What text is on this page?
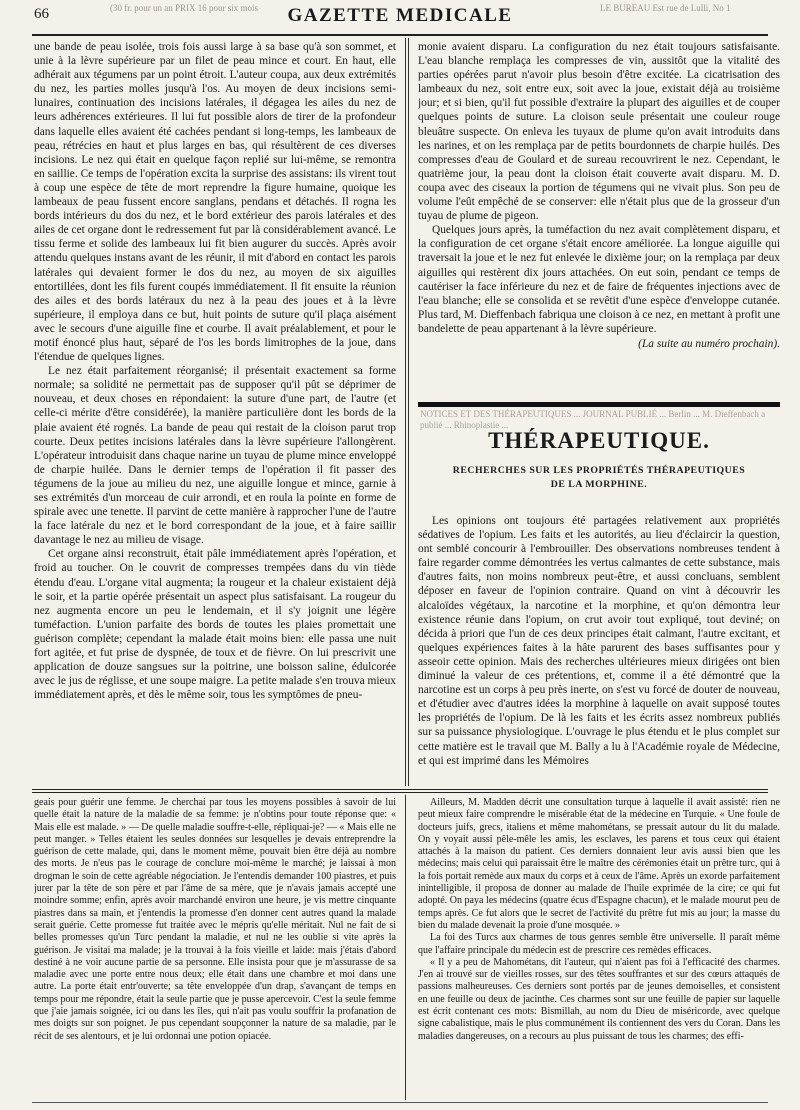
(30 fr. pour un an PRIX 16 pour six mois	LE BUREAU Est rue de Lulli, No 1
66	GAZETTE MEDICALE

une bande de peau isolée, trois fois aussi large à sa base qu'à son sommet, et unie à la lèvre supérieure par un filet de peau mince et court. En haut, elle adhérait aux tégumens par un point étroit. L'auteur coupa, aux deux extrémités du nez, les parties molles jusqu'à l'os. Au moyen de deux incisions semi-lunaires, continuation des incisions latérales, il dégagea les ailes du nez de leurs adhérences extérieures. Il lui fut possible alors de tirer de la profondeur dans laquelle elles avaient été cachées pendant si long-temps, les lambeaux de peau, rétrécies en haut et plus larges en bas, qui résultèrent de ces diverses incisions. Le nez qui était en quelque façon replié sur lui-même, se remontra en saillie. Ce temps de l'opération excita la surprise des assistans: ils virent tout à coup une espèce de tête de mort reprendre la figure humaine, quoique les lambeaux de peau fussent encore sanglans, pendans et détachés. Il rogna les bords intérieurs du dos du nez, et le bord extérieur des parois latérales et des ailes de cet organe dont le redressement fut par là considérablement avancé. Le tissu ferme et solide des lambeaux lui fit bien augurer du succès. Après avoir attendu quelques instans avant de les réunir, il mit d'abord en contact les parois latérales qui devaient former le dos du nez, au moyen de six aiguilles entortillées, dont les fils furent coupés immédiatement. Il fit ensuite la réunion des ailes et des bords latéraux du nez à la peau des joues et à la lèvre supérieure, il employa dans ce but, huit points de suture qu'il plaça aisément avec le secours d'une aiguille fine et courbe. Il avait préalablement, et pour le motif énoncé plus haut, séparé de l'os les bords limitrophes de la joue, dans l'étendue de quelques lignes.

Le nez était parfaitement réorganisé; il présentait exactement sa forme normale; sa solidité ne permettait pas de supposer qu'il pût se déprimer de nouveau, et deux choses en répondaient: la suture d'une part, de l'autre (et celle-ci mérite d'être considérée), la manière particulière dont les bords de la plaie avaient été rognés. La bande de peau qui restait de la cloison parut trop courte. Deux petites incisions latérales dans la lèvre supérieure l'allongèrent. L'opérateur introduisit dans chaque narine un tuyau de plume mince enveloppé de charpie huilée. Dans le dernier temps de l'opération il fit passer des tégumens de la joue au milieu du nez, une aiguille longue et mince, garnie à ses extrémités d'un morceau de cuir arrondi, et en roula la pointe en forme de spirale avec une tenette. Il parvint de cette manière à rapprocher l'une de l'autre la face latérale du nez et le bord correspondant de la joue, et à faire saillir davantage le nez au milieu de visage.

Cet organe ainsi reconstruit, était pâle immédiatement après l'opération, et froid au toucher. On le couvrit de compresses trempées dans du vin tiède étendu d'eau. L'organe vital augmenta; la rougeur et la chaleur existaient déjà le soir, et la partie opérée présentait un aspect plus satisfaisant. La rougeur du nez augmenta encore un peu le lendemain, et il s'y joignit une légère tuméfaction. L'union parfaite des bords de toutes les plaies promettait une guérison complète; cependant la malade était moins bien: elle passa une nuit fort agitée, et fut prise de dyspnée, de toux et de fièvre. On lui prescrivit une application de douze sangsues sur la poitrine, une boisson saline, édulcorée avec le jus de réglisse, et une soupe maigre. La petite malade s'en trouva mieux immédiatement après, et dès le même soir, tous les symptômes de pneu-

monie avaient disparu. La configuration du nez était toujours satisfaisante. L'eau blanche remplaça les compresses de vin, aussitôt que la vitalité des parties opérées parut n'avoir plus besoin d'être excitée. La cicatrisation des lambeaux du nez, soit entre eux, soit avec la joue, existait déjà au troisième jour; et si bien, qu'il fut possible d'extraire la plupart des aiguilles et de couper quelques points de suture. La cloison seule présentait une couleur rouge bleuâtre suspecte. On enleva les tuyaux de plume qu'on avait introduits dans les narines, et on les remplaça par de petits bourdonnets de charpie huilés. Des compresses d'eau de Goulard et de sureau recouvrirent le nez. Cependant, le quatrième jour, la peau dont la cloison était couverte avait disparu. M. D. coupa avec des ciseaux la portion de tégumens qui ne vivait plus. Son peu de volume l'eût empêché de se conserver: elle n'était plus que de la grosseur d'un tuyau de plume de pigeon.

Quelques jours après, la tuméfaction du nez avait complètement disparu, et la configuration de cet organe s'était encore améliorée. La longue aiguille qui traversait la joue et le nez fut enlevée le dixième jour; on la remplaça par deux aiguilles qui restèrent dix jours attachées. On eut soin, pendant ce temps de cautériser la face inférieure du nez et de faire de fréquentes injections avec de l'eau blanche; elle se consolida et se revêtit d'une espèce d'enveloppe cutanée. Plus tard, M. Dieffenbach fabriqua une cloison à ce nez, en mettant à profit une bandelette de peau appartenant à la lèvre supérieure.

(La suite au numéro prochain).
NOTICES ET DES THÉRAPEUTIQUES ... JOURNAL PUBLIÉ ... Berlin ... M. Dieffenbach a publié ... Rhinoplastie ...
THÉRAPEUTIQUE.
RECHERCHES SUR LES PROPRIÉTÉS THÉRAPEUTIQUES
DE LA MORPHINE.

Les opinions ont toujours été partagées relativement aux propriétés sédatives de l'opium. Les faits et les autorités, au lieu d'éclaircir la question, ont semblé concourir à l'embrouiller. Des observations nombreuses tendent à faire regarder comme démontrées les vertus calmantes de cette substance, mais d'autres faits, non moins nombreux peut-être, et aussi concluans, semblent déposer en faveur de l'opinion contraire. Quand on vint à découvrir les alcaloïdes végétaux, la narcotine et la morphine, et qu'on démontra leur existence réunie dans l'opium, on crut avoir tout expliqué, tout deviné; on décida à priori que l'un de ces deux principes était calmant, l'autre excitant, et quelques expériences faites à la hâte parurent des bases suffisantes pour y asseoir cette opinion. Mais des recherches ultérieures mieux dirigées ont bien diminué la valeur de ces prétentions, et, comme il a été démontré que la narcotine est un corps à peu près inerte, on s'est vu forcé de douter de nouveau, et d'étudier avec d'autres idées la morphine à laquelle on avait supposé toutes les propriétés de l'opium. De là les faits et les écrits assez nombreux publiés sur sa puissance physiologique. L'ouvrage le plus étendu et le plus complet sur cette matière est le travail que M. Bally a lu à l'Académie royale de Médecine, et qui est imprimé dans les Mémoires

geais pour guérir une femme. Je cherchai par tous les moyens possibles à savoir de lui quelle était la nature de la maladie de sa femme: je n'obtins pour toute réponse que: « Mais elle est malade. » — De quelle maladie souffre-t-elle, répliquai-je? — « Mais elle ne peut manger. » Telles étaient les seules données sur lesquelles je devais entreprendre la guérison de cette malade, qui, dans le moment même, pouvait bien être déjà au nombre des morts. Je n'eus pas le courage de conclure moi-même le marché; je laissai à mon drogman le soin de cette agréable négociation. Je l'entendis demander 100 piastres, et puis jurer par la tête de son père et par l'âme de sa mère, que je n'avais jamais accepté une moindre somme; enfin, après avoir marchandé environ une heure, je vis mettre cinquante piastres dans sa main, et j'entendis la promesse d'en donner cent autres quand la malade serait guérie. Cette promesse fut traitée avec le mépris qu'elle méritait. Nul ne fait de si belles promesses qu'un Turc pendant la maladie, et nul ne les oublie si vite après la guérison. Je visitai ma malade; je la trouvai à la fois vieille et laide: mais j'étais d'abord destiné à ne voir aucune partie de sa personne. Elle insista pour que je m'assurasse de sa maladie avec une porte entre nous deux; elle était dans une chambre et moi dans une autre. La porte était entr'ouverte; sa tête enveloppée d'un drap, s'avançant de temps en temps pour me répondre, était la seule partie que je pusse apercevoir. C'est la seule femme que j'aie jamais soignée, ici ou dans les îles, qui n'ait pas voulu souffrir la profanation de mes doigts sur son poignet. Je pus cependant soupçonner la nature de sa maladie, par le récit de ses alentours, et je lui ordonnai une potion opiacée.

Ailleurs, M. Madden décrit une consultation turque à laquelle il avait assisté: rien ne peut mieux faire comprendre le misérable état de la médecine en Turquie. « Une foule de docteurs juifs, grecs, italiens et même mahométans, se pressait autour du lit du malade. On y voyait aussi pêle-mêle les amis, les esclaves, les parens et tous ceux qui étaient attachés à la maison du patient. Ces derniers donnaient leur avis aussi bien que les médecins; mais celui qui paraissait être le maître des cérémonies était un prêtre turc, qui à la fois portait remède aux maux du corps et à ceux de l'âme. Après un exorde parfaitement inintelligible, il proposa de donner au malade de l'huile exprimée de la cire; ce qui fut adopté. On paya les médecins (quatre écus d'Espagne chacun), et le malade mourut peu de temps après. Ce fut alors que le secret de l'activité du prêtre fut mis au jour; la masse du bien du malade devenait la proie d'une mosquée. »

La foi des Turcs aux charmes de tous genres semble être universelle. Il paraît même que l'affaire principale du médecin est de prescrire ces remèdes efficaces.

« Il y a peu de Mahométans, dit l'auteur, qui n'aient pas foi à l'efficacité des charmes. J'en ai trouvé sur de vieilles rosses, sur des têtes souffrantes et sur des cœurs attaqués de passions malheureuses. Ces derniers sont portés par de jeunes demoiselles, et consistent en une feuille ou deux de jacinthe. Ces charmes sont sur une feuille de papier sur laquelle est écrit contenant ces mots: Bismillah, au nom du Dieu de miséricorde, avec quelque signe cabalistique, mais le plus communément ils contiennent des vers du Coran. Dans les maladies dangereuses, on a recours au plus puissant de tous les charmes; des effi-
